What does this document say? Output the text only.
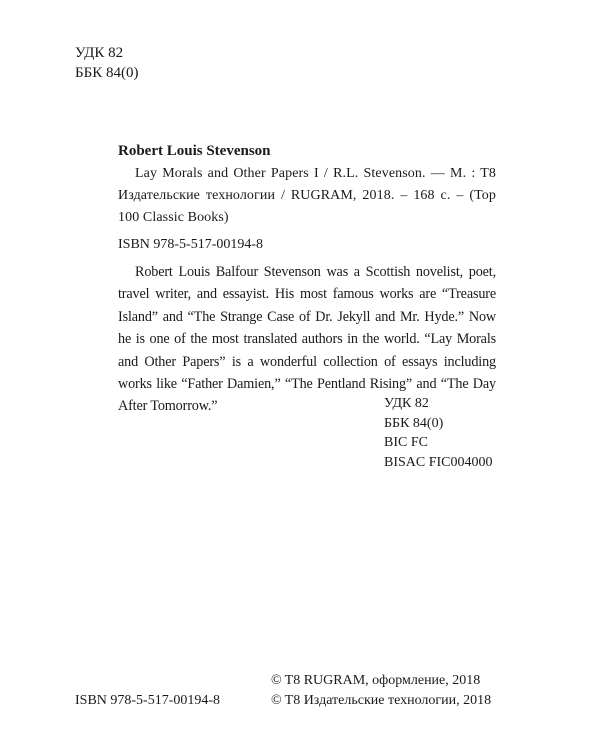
УДК 82
ББК 84(0)
Robert Louis Stevenson
Lay Morals and Other Papers I / R.L. Stevenson. — M. : T8 Издательские технологии / RUGRAM, 2018. – 168 с. – (Top 100 Classic Books)
ISBN 978-5-517-00194-8
Robert Louis Balfour Stevenson was a Scottish novelist, poet, travel writer, and essayist. His most famous works are “Treasure Island” and “The Strange Case of Dr. Jekyll and Mr. Hyde.” Now he is one of the most translated authors in the world. “Lay Morals and Other Papers” is a wonderful collection of essays including works like “Father Damien,” “The Pentland Rising” and “The Day After Tomorrow.”	УДК 82
ББК 84(0)
BIC FC
BISAC FIC004000
© T8 RUGRAM, оформление, 2018
© T8 Издательские технологии, 2018
ISBN 978-5-517-00194-8
